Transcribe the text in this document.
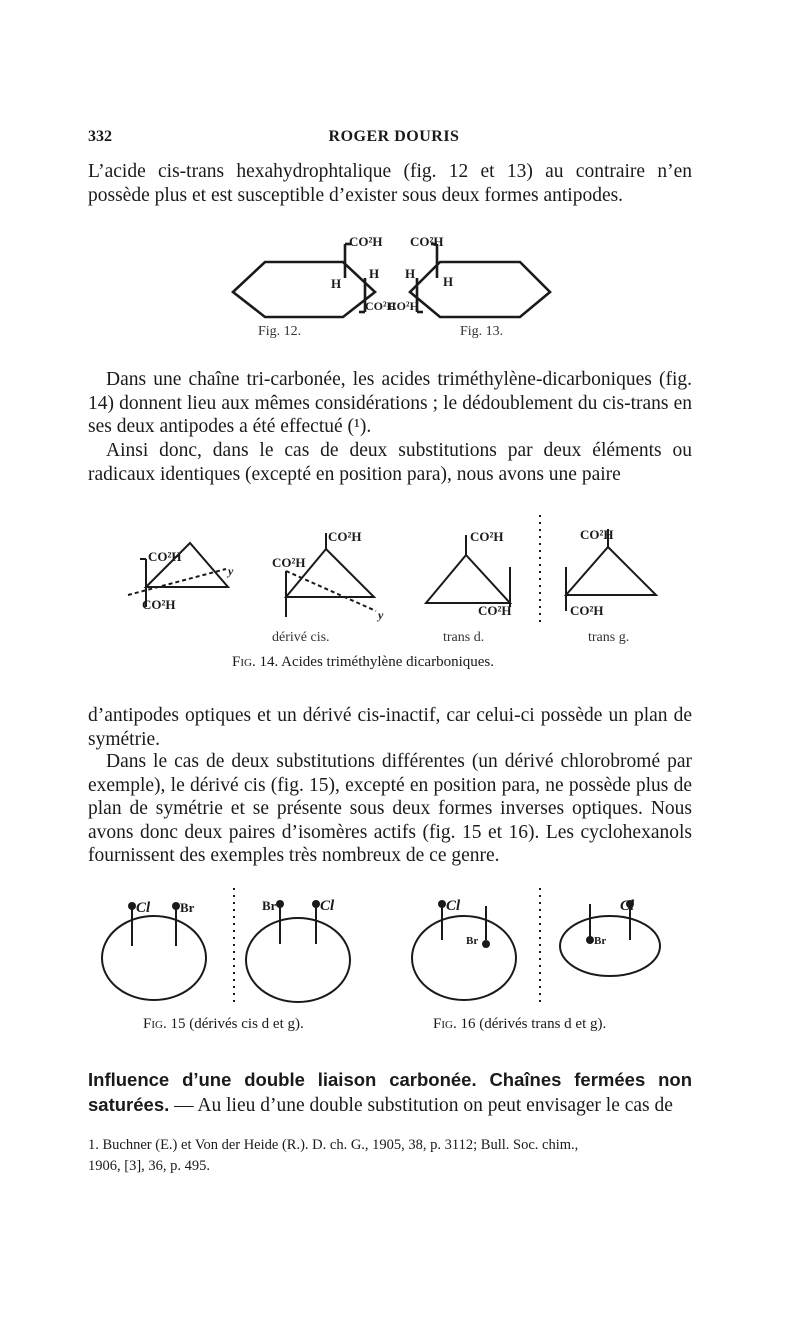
332	ROGER DOURIS

L’acide cis-trans hexahydrophtalique (fig. 12 et 13) au contraire n’en possède plus et est susceptible d’exister sous deux formes antipodes.

CO²H
H
H
CO²H
CO²H
H
H
CO²H
Fig. 12.	Fig. 13.

Dans une chaîne tri-carbonée, les acides triméthylène-dicarboniques (fig. 14) donnent lieu aux mêmes considérations ; le dédoublement du cis-trans en ses deux antipodes a été effectué (¹).

Ainsi donc, dans le cas de deux substitutions par deux éléments ou radicaux identiques (excepté en position para), nous avons une paire

CO²H
CO²H
y
CO²H
CO²H
y
CO²H
CO²H
CO²H
CO²H
dérivé cis.	trans d.	trans g.
Fig. 14. Acides triméthylène dicarboniques.

d’antipodes optiques et un dérivé cis-inactif, car celui-ci possède un plan de symétrie.

Dans le cas de deux substitutions différentes (un dérivé chlorobromé par exemple), le dérivé cis (fig. 15), excepté en position para, ne possède plus de plan de symétrie et se présente sous deux formes inverses optiques. Nous avons donc deux paires d’isomères actifs (fig. 15 et 16). Les cyclohexanols fournissent des exemples très nombreux de ce genre.

Cl Br	Br	Cl	Cl
Br
Cl
Br
Fig. 15 (dérivés cis d et g).	Fig. 16 (dérivés trans d et g).

Influence d’une double liaison carbonée. Chaînes fermées non saturées. — Au lieu d’une double substitution on peut envisager le cas de

1. Buchner (E.) et Von der Heide (R.). D. ch. G., 1905, 38, p. 3112; Bull. Soc. chim.,
1906, [3], 36, p. 495.
